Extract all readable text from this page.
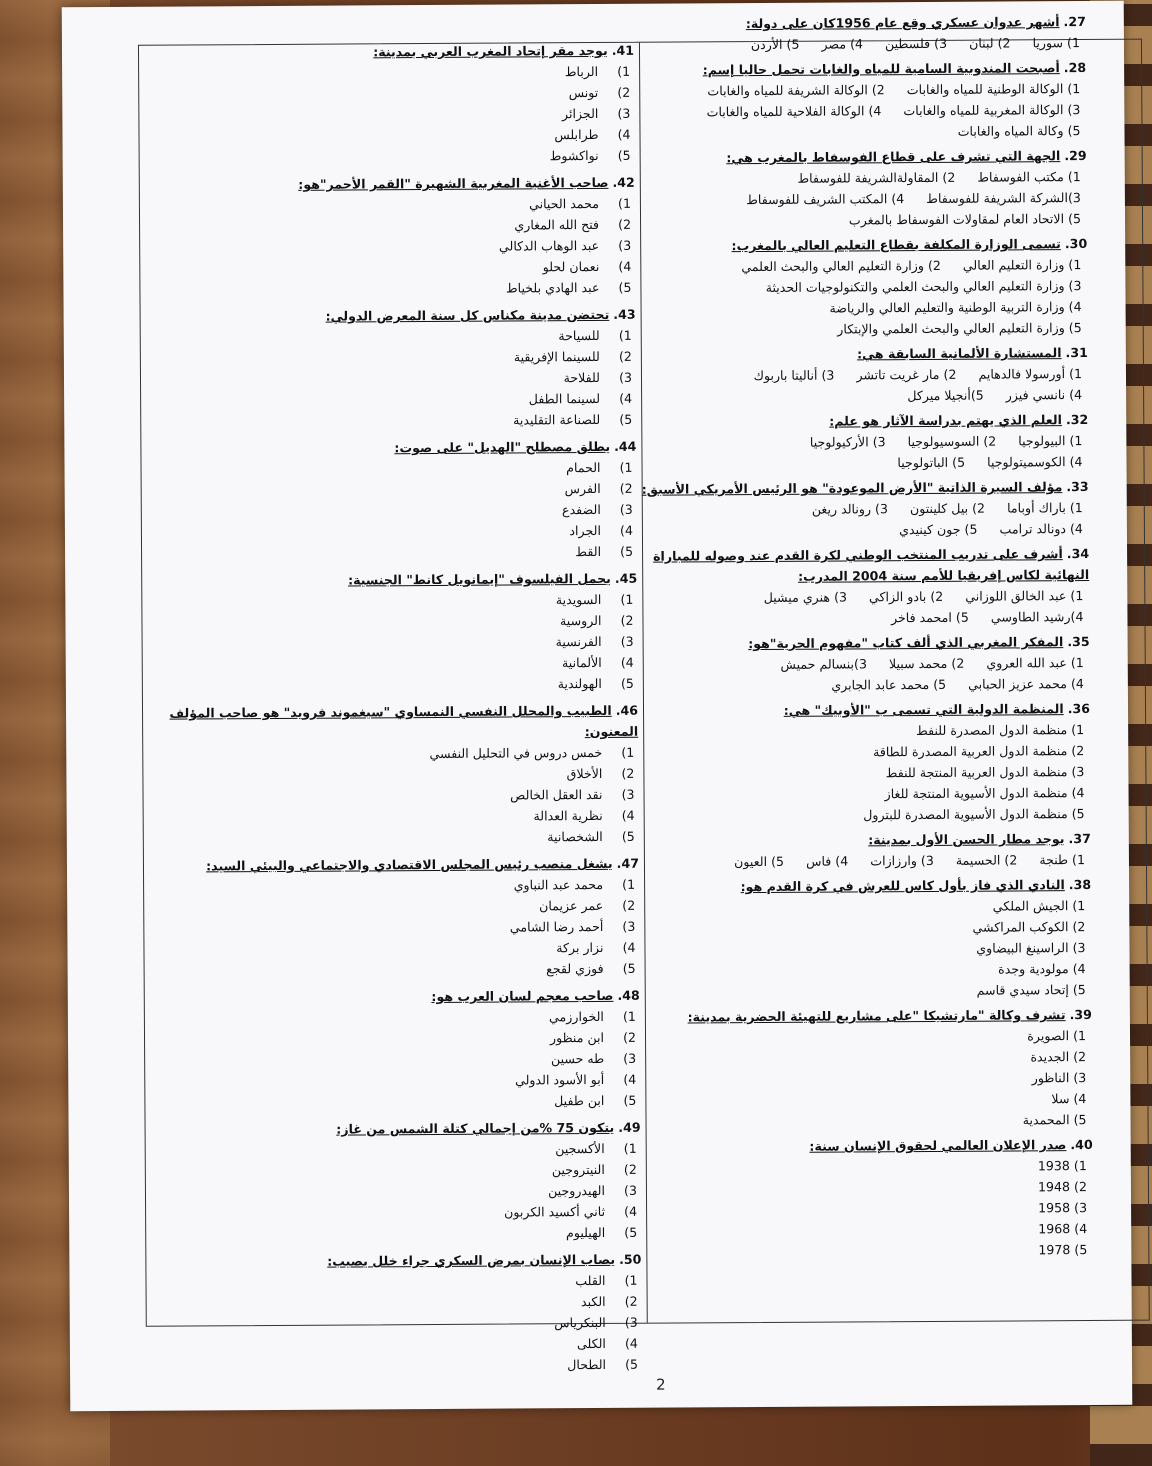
27.أشهر عدوان عسكري وقع عام 1956كان على دولة:
1) سوريا2) لبنان3) فلسطين4) مصر5) الأردن
28.أصبحت المندوبية السامية للمياه والغابات تحمل حاليا إسم:
1) الوكالة الوطنية للمياه والغابات2) الوكالة الشريفة للمياه والغابات
3) الوكالة المغربية للمياه والغابات4) الوكالة الفلاحية للمياه والغابات
5) وكالة المياه والغابات
29.الجهة التي تشرف على قطاع الفوسفاط بالمغرب هي:
1) مكتب الفوسفاط2) المقاولةالشريفة للفوسفاط
3)الشركة الشريفة للفوسفاط4) المكتب الشريف للفوسفاط
5) الاتحاد العام لمقاولات الفوسفاط بالمغرب
30.تسمى الوزارة المكلفة بقطاع التعليم العالي بالمغرب:
1) وزارة التعليم العالي2) وزارة التعليم العالي والبحث العلمي
3) وزارة التعليم العالي والبحث العلمي والتكنولوجيات الحديثة
4) وزارة التربية الوطنية والتعليم العالي والرياضة
5) وزارة التعليم العالي والبحث العلمي والإبتكار
31.المستشارة الألمانية السابقة هي:
1) أورسولا فالدهايم2) مار غريت تاتشر3) أناليتا باربوك
4) نانسي فيزر5)أنجيلا ميركل
32.العلم الذي يهتم بدراسة الآثار هو علم:
1) البيولوجيا2) السوسيولوجيا3) الأركيولوجيا
4) الكوسميتولوجيا5) الباتولوجيا
33.مؤلف السيرة الذاتية "الأرض الموعودة" هو الرئيس الأمريكي الأسبق:
1) باراك أوباما2) بيل كلينتون3) رونالد ريغن
4) دونالد ترامب5) جون كينيدي
34.أشرف على تدريب المنتخب الوطني لكرة القدم عند وصوله للمباراة النهائية لكاس إفريقيا للأمم سنة 2004 المدرب:
1) عبد الخالق اللوزاني2) بادو الزاكي3) هنري ميشيل
4)رشيد الطاوسي5) امحمد فاخر
35.المفكر المغربي الذي ألف كتاب "مفهوم الحرية"هو:
1) عبد الله العروي2) محمد سبيلا3)بنسالم حميش
4) محمد عزيز الحبابي5) محمد عابد الجابري
36.المنظمة الدولية التي تسمى ب "الأوبيك" هي:
1) منظمة الدول المصدرة للنفط
2) منظمة الدول العربية المصدرة للطاقة
3) منظمة الدول العربية المنتجة للنفط
4) منظمة الدول الأسيوية المنتجة للغاز
5) منظمة الدول الأسيوية المصدرة للبترول
37.يوجد مطار الحسن الأول بمدينة:
1) طنجة2) الحسيمة3) وارزازات4) فاس5) العيون
38.النادي الذي فاز بأول كاس للعرش في كرة القدم هو:
1) الجيش الملكي
2) الكوكب المراكشي
3) الراسينغ البيضاوي
4) مولودية وجدة
5) إتحاد سيدي قاسم
39.تشرف وكالة "مارتشيكا "على مشاريع للتهيئة الحضرية بمدينة:
1) الصويرة
2) الجديدة
3) الناظور
4) سلا
5) المحمدية
40.صدر الإعلان العالمي لحقوق الإنسان سنة:
1) 1938
2) 1948
3) 1958
4) 1968
5) 1978
41.يوجد مقر إتحاد المغرب العربي بمدينة:
1)الرباط
2)تونس
3)الجزائر
4)طرابلس
5)نواكشوط
42.صاحب الأغنية المغربية الشهيرة "القمر الأحمر"هو:
1)محمد الحياني
2)فتح الله المغاري
3)عبد الوهاب الدكالي
4)نعمان لحلو
5)عبد الهادي بلخياط
43.تحتضن مدينة مكناس كل سنة المعرض الدولي:
1)للسياحة
2)للسينما الإفريقية
3)للفلاحة
4)لسينما الطفل
5)للصناعة التقليدية
44.يطلق مصطلح "الهديل" على صوت:
1)الحمام
2)الفرس
3)الضفدع
4)الجراد
5)القط
45.يحمل الفيلسوف "إيمانويل كانط" الجنسية:
1)السويدية
2)الروسية
3)الفرنسية
4)الألمانية
5)الهولندية
46.الطبيب والمحلل النفسي النمساوي "سيغموند فرويد" هو صاحب المؤلف المعنون:
1)خمس دروس في التحليل النفسي
2)الأخلاق
3)نقد العقل الخالص
4)نظرية العدالة
5)الشخصانية
47.يشغل منصب رئيس المجلس الاقتصادي والاجتماعي والبيئي السيد:
1)محمد عبد النباوي
2)عمر عزيمان
3)أحمد رضا الشامي
4)نزار بركة
5)فوزي لقجع
48.صاحب معجم لسان العرب هو:
1)الخوارزمي
2)ابن منظور
3)طه حسين
4)أبو الأسود الدولي
5)ابن طفيل
49.يتكون 75 %من إجمالي كتلة الشمس من غاز:
1)الأكسجين
2)النيتروجين
3)الهيدروجين
4)ثاني أكسيد الكربون
5)الهيليوم
50.يصاب الإنسان بمرض السكري جراء خلل يصيب:
1)القلب
2)الكبد
3)البنكرياس
4)الكلى
5)الطحال
2
